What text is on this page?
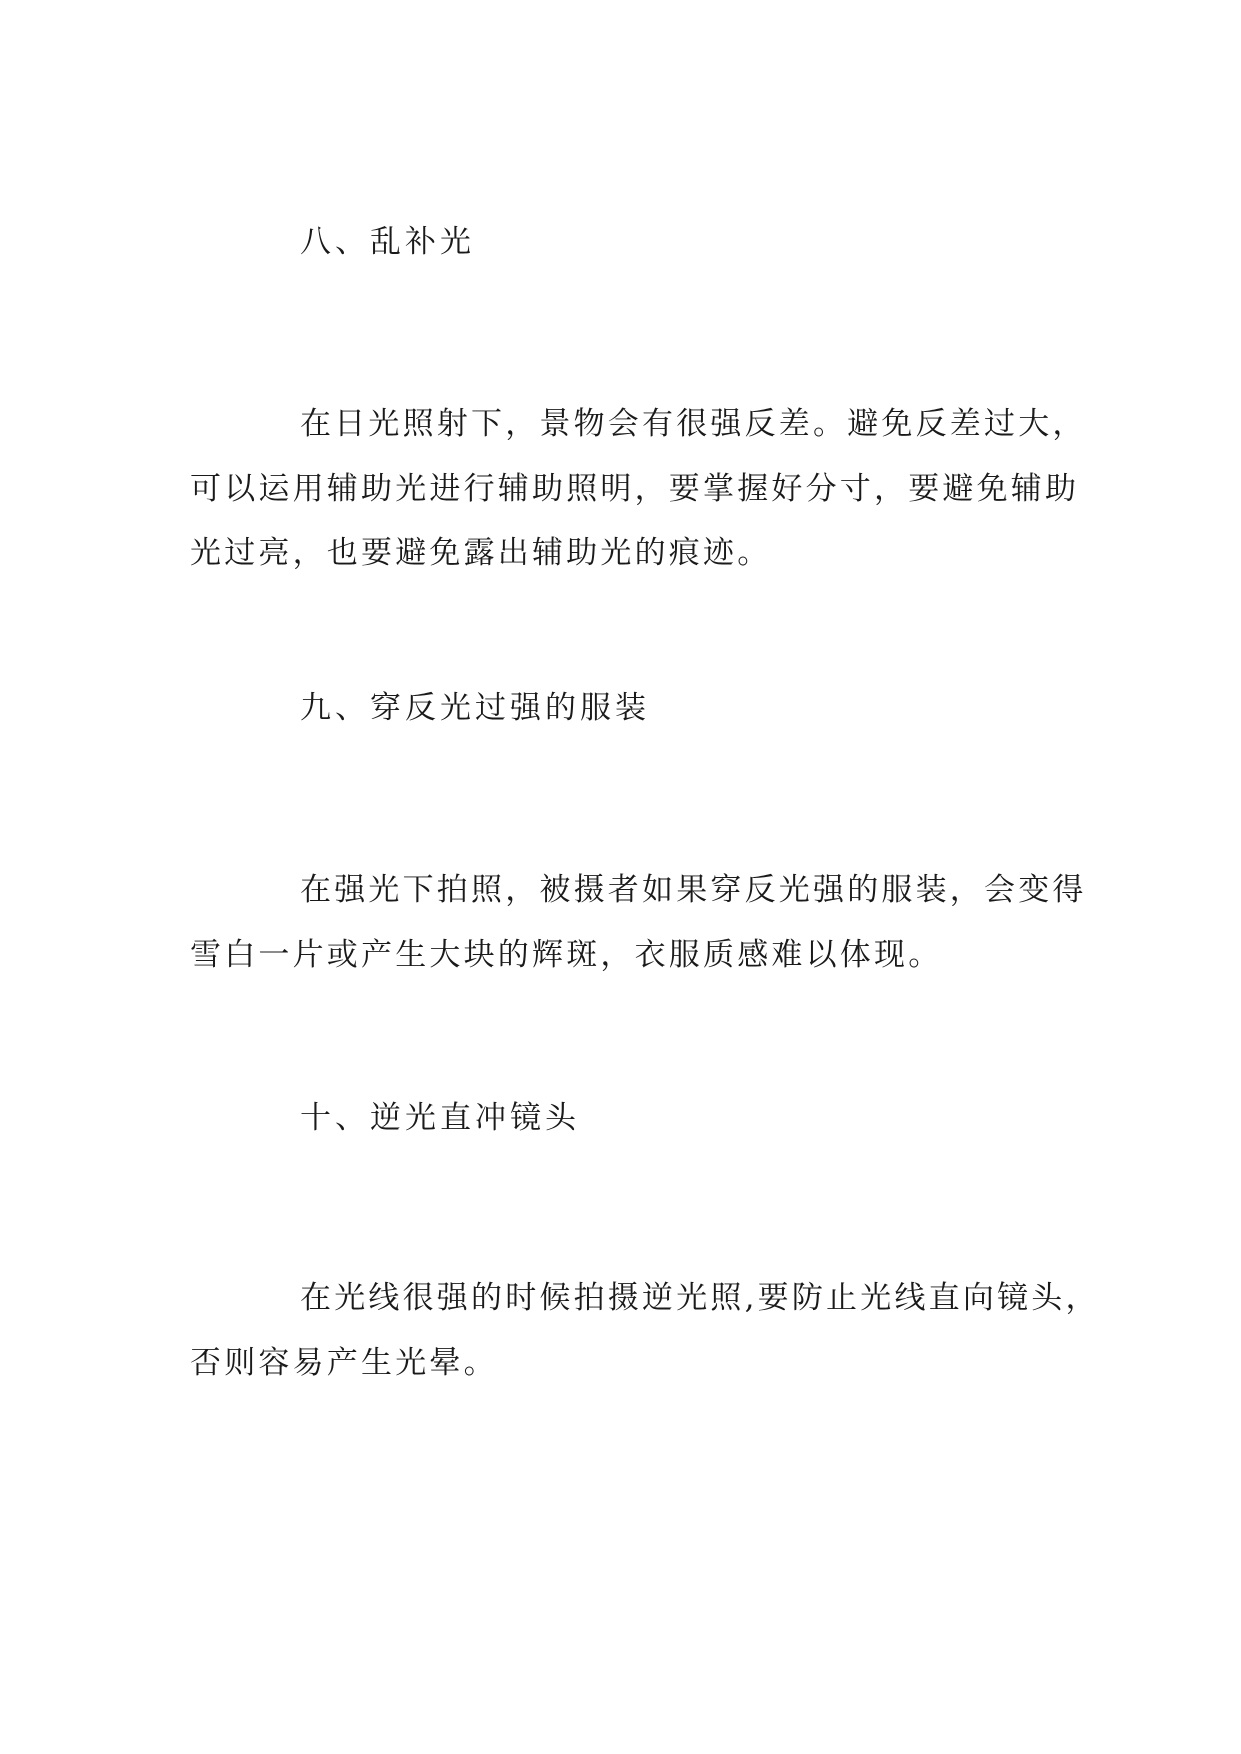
八、乱补光

在日光照射下，景物会有很强反差。避免反差过大，
可以运用辅助光进行辅助照明，要掌握好分寸，要避免辅助
光过亮，也要避免露出辅助光的痕迹。

九、穿反光过强的服装

在强光下拍照，被摄者如果穿反光强的服装，会变得
雪白一片或产生大块的辉斑，衣服质感难以体现。

十、逆光直冲镜头

在光线很强的时候拍摄逆光照,要防止光线直向镜头，
否则容易产生光晕。
